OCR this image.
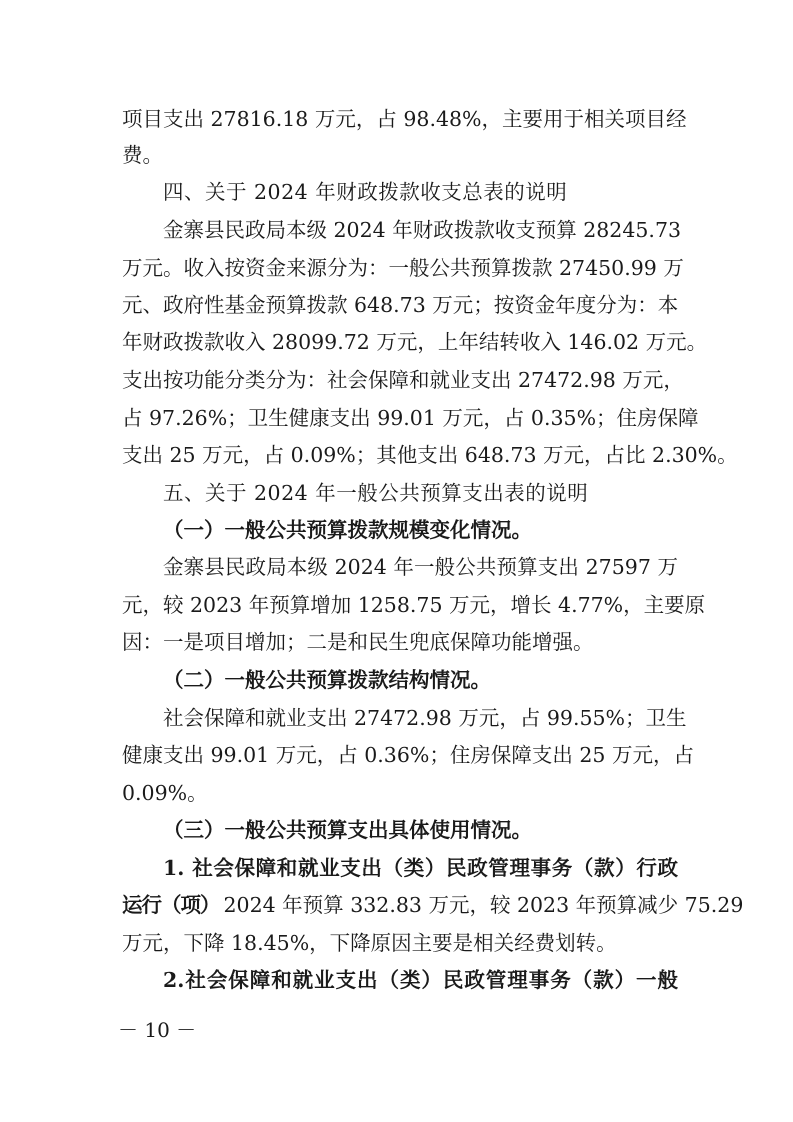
项目支出 27816.18 万元，占 98.48%，主要用于相关项目经
费。
四、关于 2024 年财政拨款收支总表的说明
金寨县民政局本级 2024 年财政拨款收支预算 28245.73
万元。收入按资金来源分为：一般公共预算拨款 27450.99 万
元、政府性基金预算拨款 648.73 万元；按资金年度分为：本
年财政拨款收入 28099.72 万元，上年结转收入 146.02 万元。
支出按功能分类分为：社会保障和就业支出 27472.98 万元，
占 97.26%；卫生健康支出 99.01 万元，占 0.35%；住房保障
支出 25 万元，占 0.09%；其他支出 648.73 万元，占比 2.30%。
五、关于 2024 年一般公共预算支出表的说明
（一）一般公共预算拨款规模变化情况。
金寨县民政局本级 2024 年一般公共预算支出 27597 万
元，较 2023 年预算增加 1258.75 万元，增长 4.77%，主要原
因：一是项目增加；二是和民生兜底保障功能增强。
（二）一般公共预算拨款结构情况。
社会保障和就业支出 27472.98 万元，占 99.55%；卫生
健康支出 99.01 万元，占 0.36%；住房保障支出 25 万元，占
0.09%。
（三）一般公共预算支出具体使用情况。
1. 社会保障和就业支出（类）民政管理事务（款）行政
运行（项） 2024 年预算 332.83 万元，较 2023 年预算减少 75.29
万元，下降 18.45%，下降原因主要是相关经费划转。
2.社会保障和就业支出（类）民政管理事务（款）一般
－ 10 －
